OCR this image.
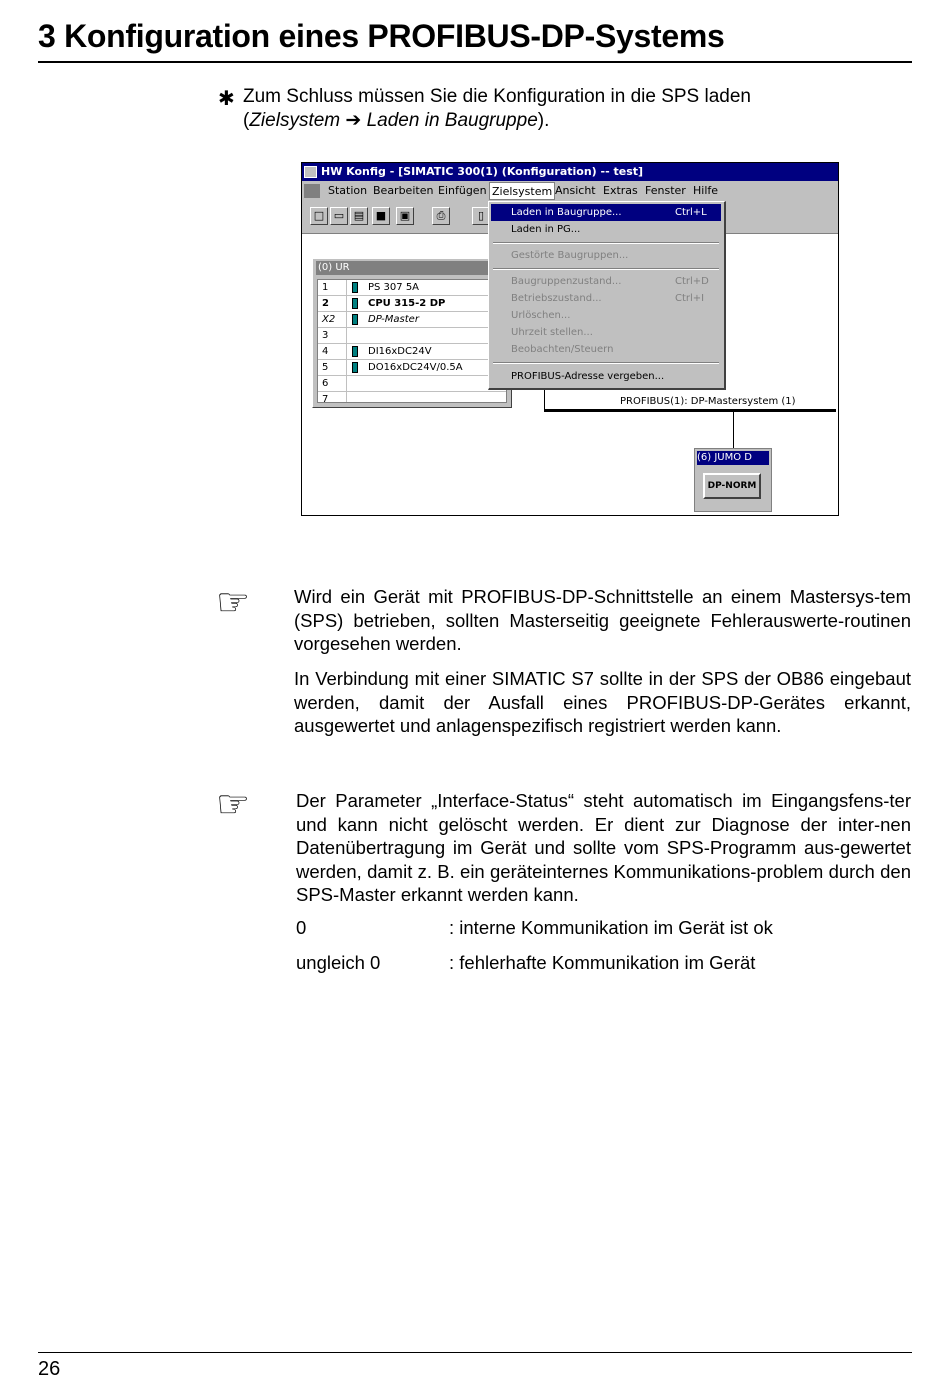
3 Konfiguration eines PROFIBUS-DP-Systems
✱ Zum Schluss müssen Sie die Konfiguration in die SPS laden
(Zielsystem ➔ Laden in Baugruppe).
HW Konfig - [SIMATIC 300(1) (Konfiguration) -- test]
Station Bearbeiten Einfügen Zielsystem Ansicht Extras Fenster Hilfe
□ ▭ ▤	■	▣	⎙	▯
(0) UR
1	PS 307 5A
2	CPU 315-2 DP
X2	DP-Master
3
4	DI16xDC24V
5	DO16xDC24V/0.5A
6
7	PROFIBUS(1): DP-Mastersystem (1)
(6) JUMO D
DP-NORM
Laden in Baugruppe...	Ctrl+L
Laden in PG...
Gestörte Baugruppen...
Baugruppenzustand...	Ctrl+D
Betriebszustand...	Ctrl+I
Urlöschen...
Uhrzeit stellen...
Beobachten/Steuern
PROFIBUS-Adresse vergeben...
☞ Wird ein Gerät mit PROFIBUS-DP-Schnittstelle an einem Mastersys-tem (SPS) betrieben, sollten Masterseitig geeignete Fehlerauswerte-routinen vorgesehen werden.
In Verbindung mit einer SIMATIC S7 sollte in der SPS der OB86 eingebaut werden, damit der Ausfall eines PROFIBUS-DP-Gerätes erkannt, ausgewertet und anlagenspezifisch registriert werden kann.
☞ Der Parameter „Interface-Status“ steht automatisch im Eingangsfens-ter und kann nicht gelöscht werden. Er dient zur Diagnose der inter-nen Datenübertragung im Gerät und sollte vom SPS-Programm aus-gewertet werden, damit z. B. ein geräteinternes Kommunikations-problem durch den SPS-Master erkannt werden kann.
0	: interne Kommunikation im Gerät ist ok
ungleich 0	: fehlerhafte Kommunikation im Gerät
26
